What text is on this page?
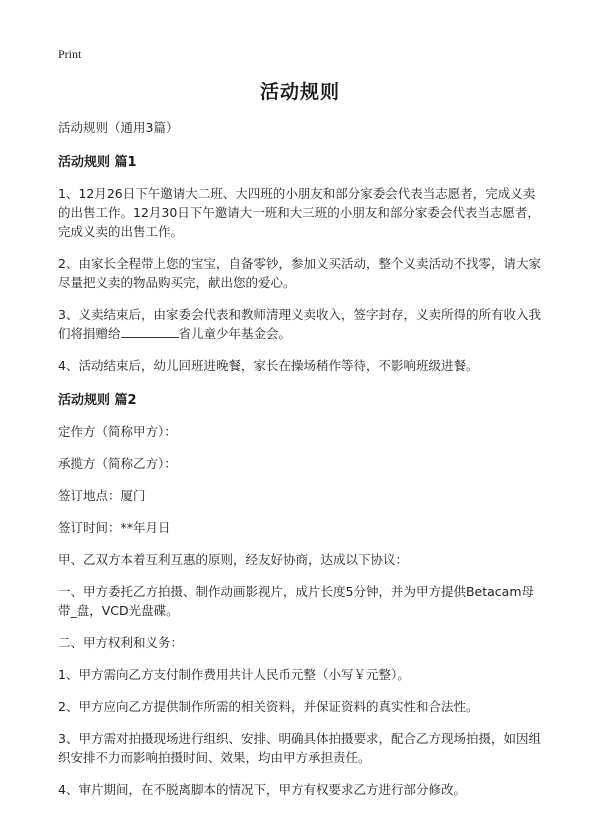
Print
活动规则

活动规则（通用3篇）

活动规则 篇1

1、12月26日下午邀请大二班、大四班的小朋友和部分家委会代表当志愿者，完成义卖的出售工作。12月30日下午邀请大一班和大三班的小朋友和部分家委会代表当志愿者，完成义卖的出售工作。

2、由家长全程带上您的宝宝，自备零钞，参加义买活动，整个义卖活动不找零，请大家尽量把义卖的物品购买完，献出您的爱心。

3、义卖结束后，由家委会代表和教师清理义卖收入，签字封存，义卖所得的所有收入我们将捐赠给	省儿童少年基金会。

4、活动结束后，幼儿回班进晚餐，家长在操场稍作等待，不影响班级进餐。

活动规则 篇2

定作方（简称甲方）：

承揽方（简称乙方）：

签订地点：厦门

签订时间：**年月日

甲、乙双方本着互利互惠的原则，经友好协商，达成以下协议：

一、甲方委托乙方拍摄、制作动画影视片，成片长度5分钟，并为甲方提供Betacam母带_盘，VCD光盘碟。

二、甲方权利和义务：

1、甲方需向乙方支付制作费用共计人民币元整（小写￥元整）。

2、甲方应向乙方提供制作所需的相关资料，并保证资料的真实性和合法性。

3、甲方需对拍摄现场进行组织、安排、明确具体拍摄要求，配合乙方现场拍摄，如因组织安排不力而影响拍摄时间、效果，均由甲方承担责任。

4、审片期间，在不脱离脚本的情况下，甲方有权要求乙方进行部分修改。
